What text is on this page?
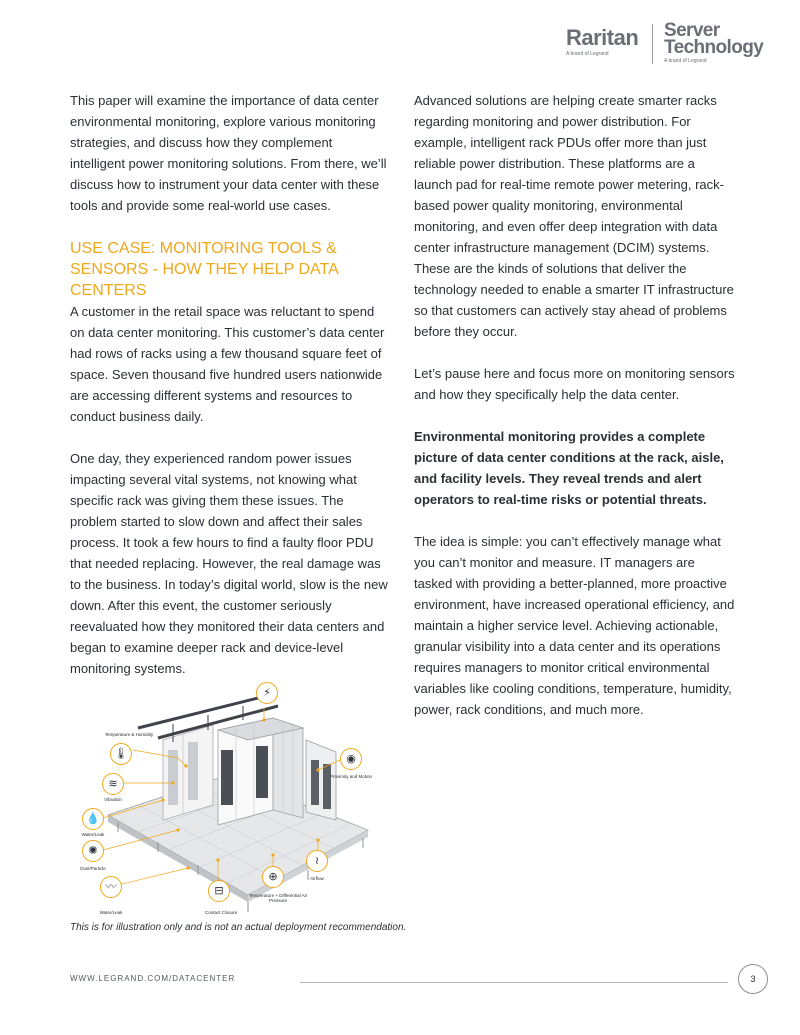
Raritan
A brand of Legrand
Server
Technology
A brand of Legrand

This paper will examine the importance of data center environmental monitoring, explore various monitoring strategies, and discuss how they complement intelligent power monitoring solutions. From there, we’ll discuss how to instrument your data center with these tools and provide some real-world use cases.

USE CASE: MONITORING TOOLS & SENSORS - HOW THEY HELP DATA CENTERS

A customer in the retail space was reluctant to spend on data center monitoring. This customer’s data center had rows of racks using a few thousand square feet of space. Seven thousand five hundred users nationwide are accessing different systems and resources to conduct business daily.

One day, they experienced random power issues impacting several vital systems, not knowing what specific rack was giving them these issues. The problem started to slow down and affect their sales process. It took a few hours to find a faulty floor PDU that needed replacing. However, the real damage was to the business. In today’s digital world, slow is the new down. After this event, the customer seriously reevaluated how they monitored their data centers and began to examine deeper rack and device-level monitoring systems.

Advanced solutions are helping create smarter racks regarding monitoring and power distribution. For example, intelligent rack PDUs offer more than just reliable power distribution. These platforms are a launch pad for real-time remote power metering, rack-based power quality monitoring, environmental monitoring, and even offer deep integration with data center infrastructure management (DCIM) systems. These are the kinds of solutions that deliver the technology needed to enable a smarter IT infrastructure so that customers can actively stay ahead of problems before they occur.

Let’s pause here and focus more on monitoring sensors and how they specifically help the data center.

Environmental monitoring provides a complete picture of data center conditions at the rack, aisle, and facility levels. They reveal trends and alert operators to real-time risks or potential threats.

The idea is simple: you can’t effectively manage what you can’t monitor and measure. IT managers are tasked with providing a better-planned, more proactive environment, have increased operational efficiency, and maintain a higher service level. Achieving actionable, granular visibility into a data center and its operations requires managers to monitor critical environmental variables like cooling conditions, temperature, humidity, power, rack conditions, and much more.

⚡
🌡
≋
💧
✺
〰	⊟
⊕
≀
◉
Temperature & Humidity
Vibration
Water/Leak
Dust/Particle
Water/Leak	Contact Closure
Temperature + Differential Air Pressure
Airflow
Proximity and Motion
This is for illustration only and is not an actual deployment recommendation.
WWW.LEGRAND.COM/DATACENTER	3
